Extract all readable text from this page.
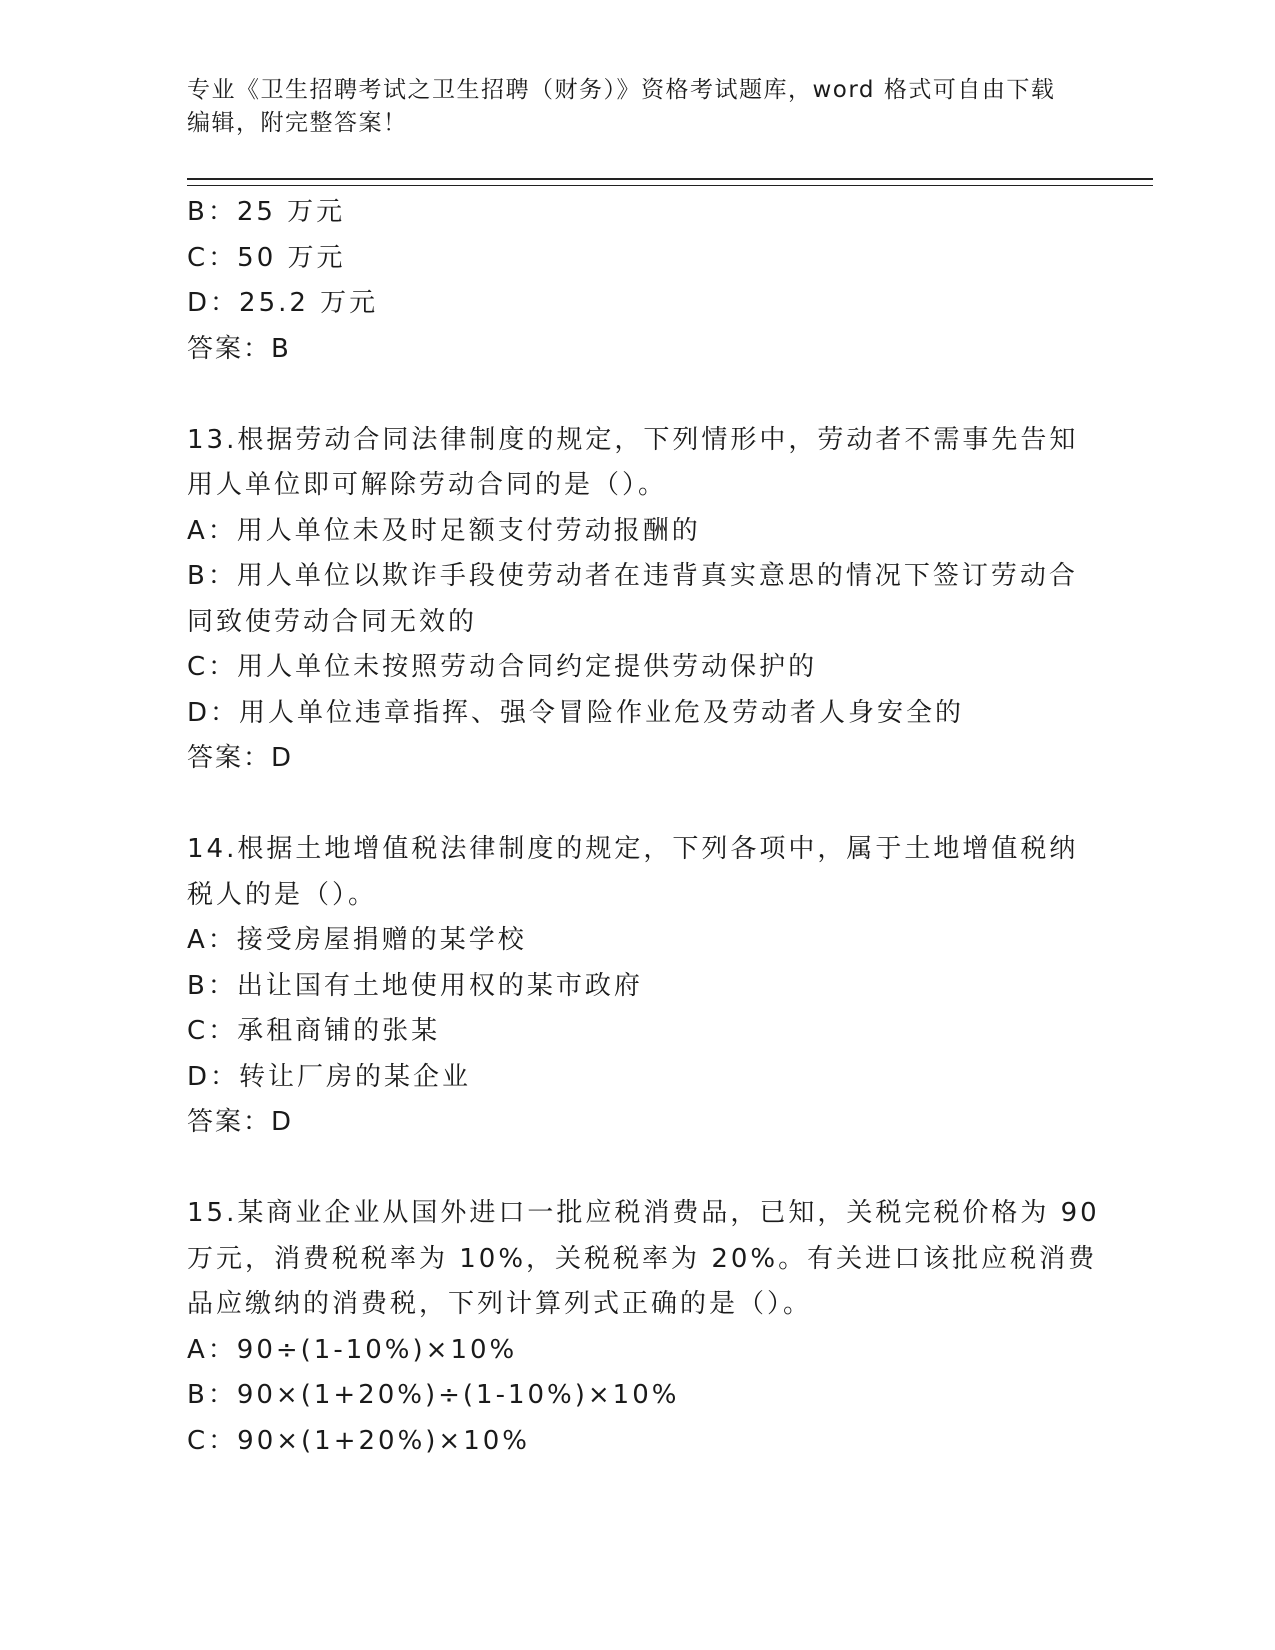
专业《卫生招聘考试之卫生招聘（财务）》资格考试题库，word 格式可自由下载编辑，附完整答案！
B：25 万元
C：50 万元
D：25.2 万元
答案：B
13.根据劳动合同法律制度的规定，下列情形中，劳动者不需事先告知
用人单位即可解除劳动合同的是（）。
A：用人单位未及时足额支付劳动报酬的
B：用人单位以欺诈手段使劳动者在违背真实意思的情况下签订劳动合
同致使劳动合同无效的
C：用人单位未按照劳动合同约定提供劳动保护的
D：用人单位违章指挥、强令冒险作业危及劳动者人身安全的
答案：D
14.根据土地增值税法律制度的规定，下列各项中，属于土地增值税纳
税人的是（）。
A：接受房屋捐赠的某学校
B：出让国有土地使用权的某市政府
C：承租商铺的张某
D：转让厂房的某企业
答案：D
15.某商业企业从国外进口一批应税消费品，已知，关税完税价格为 90
万元，消费税税率为 10%，关税税率为 20%。有关进口该批应税消费
品应缴纳的消费税，下列计算列式正确的是（）。
A：90÷(1-10%)×10%
B：90×(1+20%)÷(1-10%)×10%
C：90×(1+20%)×10%
